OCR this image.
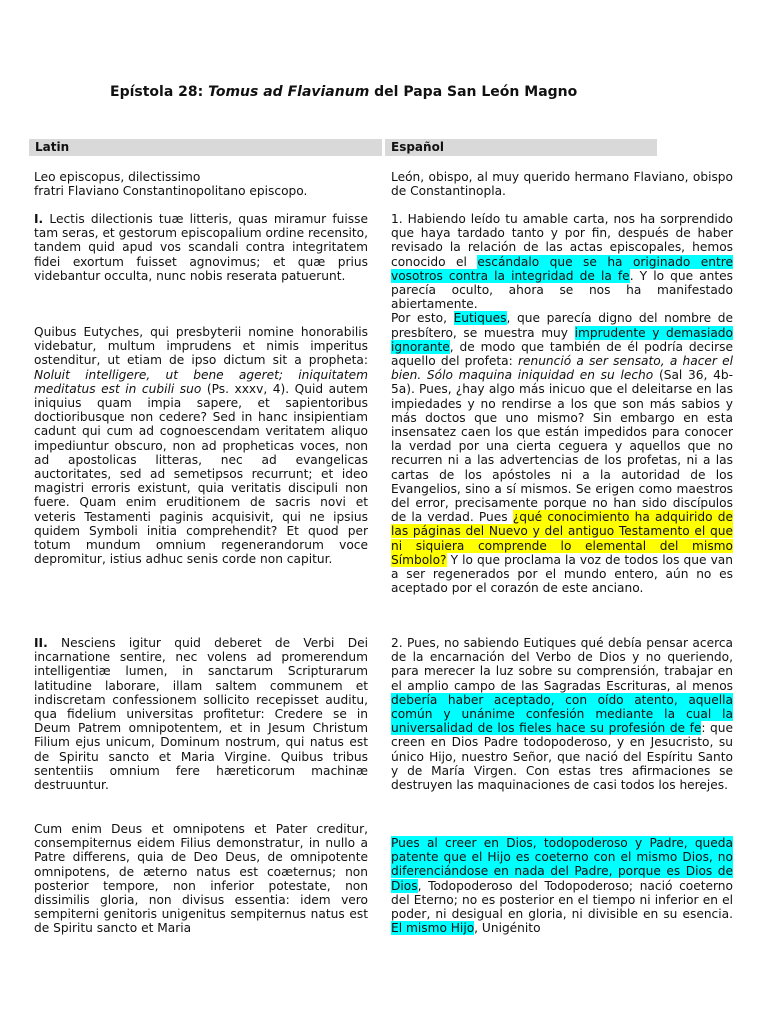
Epístola 28: Tomus ad Flavianum del Papa San León Magno
Latin	Español

Leo episcopus, dilectissimo
fratri Flaviano Constantinopolitano episcopo.

I. Lectis dilectionis tuæ litteris, quas miramur fuisse tam seras, et gestorum episcopalium ordine recensito, tandem quid apud vos scandali contra integritatem fidei exortum fuisset agnovimus; et quæ prius videbantur occulta, nunc nobis reserata patuerunt.

Quibus Eutyches, qui presbyterii nomine honorabilis videbatur, multum imprudens et nimis imperitus ostenditur, ut etiam de ipso dictum sit a propheta: Noluit intelligere, ut bene ageret; iniquitatem meditatus est in cubili suo (Ps. xxxv, 4). Quid autem iniquius quam impia sapere, et sapientoribus doctioribusque non cedere? Sed in hanc insipientiam cadunt qui cum ad cognoescendam veritatem aliquo impediuntur obscuro, non ad propheticas voces, non ad apostolicas litteras, nec ad evangelicas auctoritates, sed ad semetipsos recurrunt; et ideo magistri erroris existunt, quia veritatis discipuli non fuere. Quam enim eruditionem de sacris novi et veteris Testamenti paginis acquisivit, qui ne ipsius quidem Symboli initia comprehendit? Et quod per totum mundum omnium regenerandorum voce depromitur, istius adhuc senis corde non capitur.

II. Nesciens igitur quid deberet de Verbi Dei incarnatione sentire, nec volens ad promerendum intelligentiæ lumen, in sanctarum Scripturarum latitudine laborare, illam saltem communem et indiscretam confessionem sollicito recepisset auditu, qua fidelium universitas profitetur: Credere se in Deum Patrem omnipotentem, et in Jesum Christum Filium ejus unicum, Dominum nostrum, qui natus est de Spiritu sancto et Maria Virgine. Quibus tribus sententiis omnium fere hæreticorum machinæ destruuntur.

Cum enim Deus et omnipotens et Pater creditur, consempiternus eidem Filius demonstratur, in nullo a Patre differens, quia de Deo Deus, de omnipotente omnipotens, de æterno natus est coæternus; non posterior tempore, non inferior potestate, non dissimilis gloria, non divisus essentia: idem vero sempiterni genitoris unigenitus sempiternus natus est de Spiritu sancto et Maria

León, obispo, al muy querido hermano Flaviano, obispo de Constantinopla.

1. Habiendo leído tu amable carta, nos ha sorprendido que haya tardado tanto y por fin, después de haber revisado la relación de las actas episcopales, hemos conocido el escándalo que se ha originado entre vosotros contra la integridad de la fe. Y lo que antes parecía oculto, ahora se nos ha manifestado abiertamente.
Por esto, Eutiques, que parecía digno del nombre de presbítero, se muestra muy imprudente y demasiado ignorante, de modo que también de él podría decirse aquello del profeta: renunció a ser sensato, a hacer el bien. Sólo maquina iniquidad en su lecho (Sal 36, 4b-5a). Pues, ¿hay algo más inicuo que el deleitarse en las impiedades y no rendirse a los que son más sabios y más doctos que uno mismo? Sin embargo en esta insensatez caen los que están impedidos para conocer la verdad por una cierta ceguera y aquellos que no recurren ni a las advertencias de los profetas, ni a las cartas de los apóstoles ni a la autoridad de los Evangelios, sino a sí mismos. Se erigen como maestros del error, precisamente porque no han sido discípulos de la verdad. Pues ¿qué conocimiento ha adquirido de las páginas del Nuevo y del antiguo Testamento el que ni siquiera comprende lo elemental del mismo Símbolo? Y lo que proclama la voz de todos los que van a ser regenerados por el mundo entero, aún no es aceptado por el corazón de este anciano.

2. Pues, no sabiendo Eutiques qué debía pensar acerca de la encarnación del Verbo de Dios y no queriendo, para merecer la luz sobre su comprensión, trabajar en el amplio campo de las Sagradas Escrituras, al menos debería haber aceptado, con oído atento, aquella común y unánime confesión mediante la cual la universalidad de los fieles hace su profesión de fe: que creen en Dios Padre todopoderoso, y en Jesucristo, su único Hijo, nuestro Señor, que nació del Espíritu Santo y de María Virgen. Con estas tres afirmaciones se destruyen las maquinaciones de casi todos los herejes.

Pues al creer en Dios, todopoderoso y Padre, queda patente que el Hijo es coeterno con el mismo Dios, no diferenciándose en nada del Padre, porque es Dios de Dios, Todopoderoso del Todopoderoso; nació coeterno del Eterno; no es posterior en el tiempo ni inferior en el poder, ni desigual en gloria, ni divisible en su esencia. El mismo Hijo, Unigénito
